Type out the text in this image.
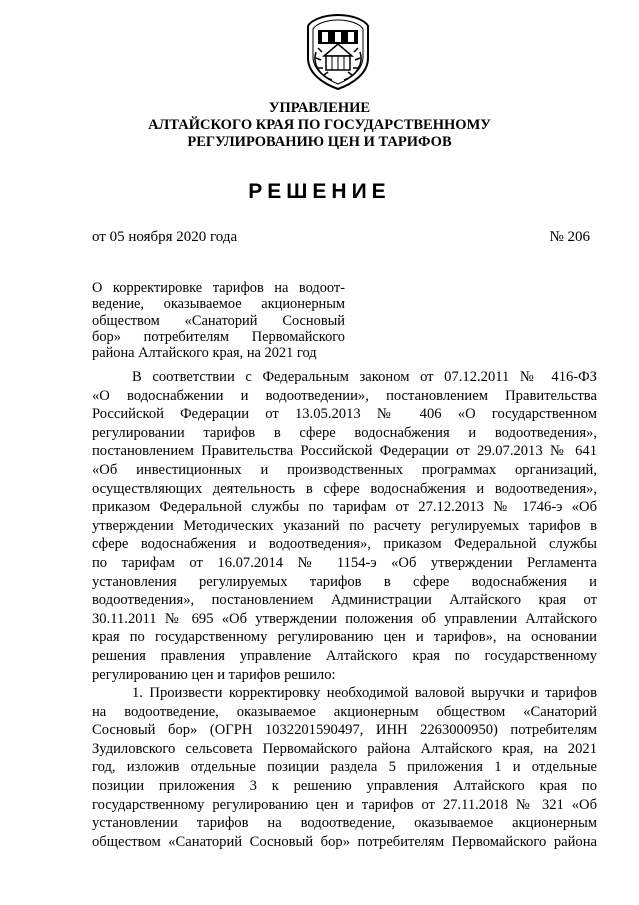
УПРАВЛЕНИЕ
АЛТАЙСКОГО КРАЯ ПО ГОСУДАРСТВЕННОМУ
РЕГУЛИРОВАНИЮ ЦЕН И ТАРИФОВ
РЕШЕНИЕ
от 05 ноября 2020 года	№ 206
О корректировке тарифов на водоот-
ведение, оказываемое акционерным
обществом «Санаторий Сосновый
бор» потребителям Первомайского
района Алтайского края, на 2021 год
В соответствии с Федеральным законом от 07.12.2011 № 416-ФЗ
«О водоснабжении и водоотведении», постановлением Правительства
Российской Федерации от 13.05.2013 № 406 «О государственном
регулировании тарифов в сфере водоснабжения и водоотведения»,
постановлением Правительства Российской Федерации от 29.07.2013 № 641
«Об инвестиционных и производственных программах организаций,
осуществляющих деятельность в сфере водоснабжения и водоотведения»,
приказом Федеральной службы по тарифам от 27.12.2013 № 1746-э «Об
утверждении Методических указаний по расчету регулируемых тарифов в
сфере водоснабжения и водоотведения», приказом Федеральной службы
по тарифам от 16.07.2014 № 1154-э «Об утверждении Регламента
установления регулируемых тарифов в сфере водоснабжения и
водоотведения», постановлением Администрации Алтайского края от
30.11.2011 № 695 «Об утверждении положения об управлении Алтайского
края по государственному регулированию цен и тарифов», на основании
решения правления управление Алтайского края по государственному
регулированию цен и тарифов решило:
1. Произвести корректировку необходимой валовой выручки и тарифов
на водоотведение, оказываемое акционерным обществом «Санаторий
Сосновый бор» (ОГРН 1032201590497, ИНН 2263000950) потребителям
Зудиловского сельсовета Первомайского района Алтайского края, на 2021
год, изложив отдельные позиции раздела 5 приложения 1 и отдельные
позиции приложения 3 к решению управления Алтайского края по
государственному регулированию цен и тарифов от 27.11.2018 № 321 «Об
установлении тарифов на водоотведение, оказываемое акционерным
обществом «Санаторий Сосновый бор» потребителям Первомайского района
